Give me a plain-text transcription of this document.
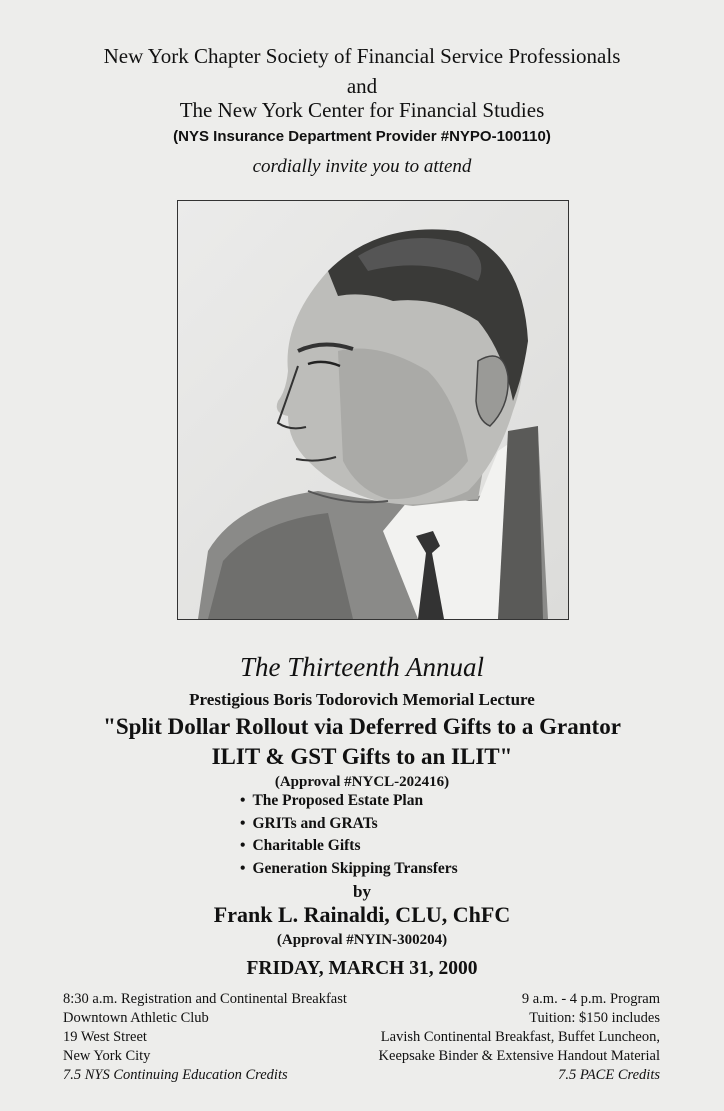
New York Chapter Society of Financial Service Professionals
and
The New York Center for Financial Studies
(NYS Insurance Department Provider #NYPO-100110)
cordially invite you to attend
The Thirteenth Annual
Prestigious Boris Todorovich Memorial Lecture
"Split Dollar Rollout via Deferred Gifts to a Grantor
ILIT & GST Gifts to an ILIT"
(Approval #NYCL-202416)
• The Proposed Estate Plan
• GRITs and GRATs
• Charitable Gifts
• Generation Skipping Transfers
by
Frank L. Rainaldi, CLU, ChFC
(Approval #NYIN-300204)
FRIDAY, MARCH 31, 2000
8:30 a.m. Registration and Continental Breakfast
Downtown Athletic Club
19 West Street
New York City
7.5 NYS Continuing Education Credits
9 a.m. - 4 p.m. Program
Tuition: $150 includes
Lavish Continental Breakfast, Buffet Luncheon,
Keepsake Binder & Extensive Handout Material
7.5 PACE Credits
